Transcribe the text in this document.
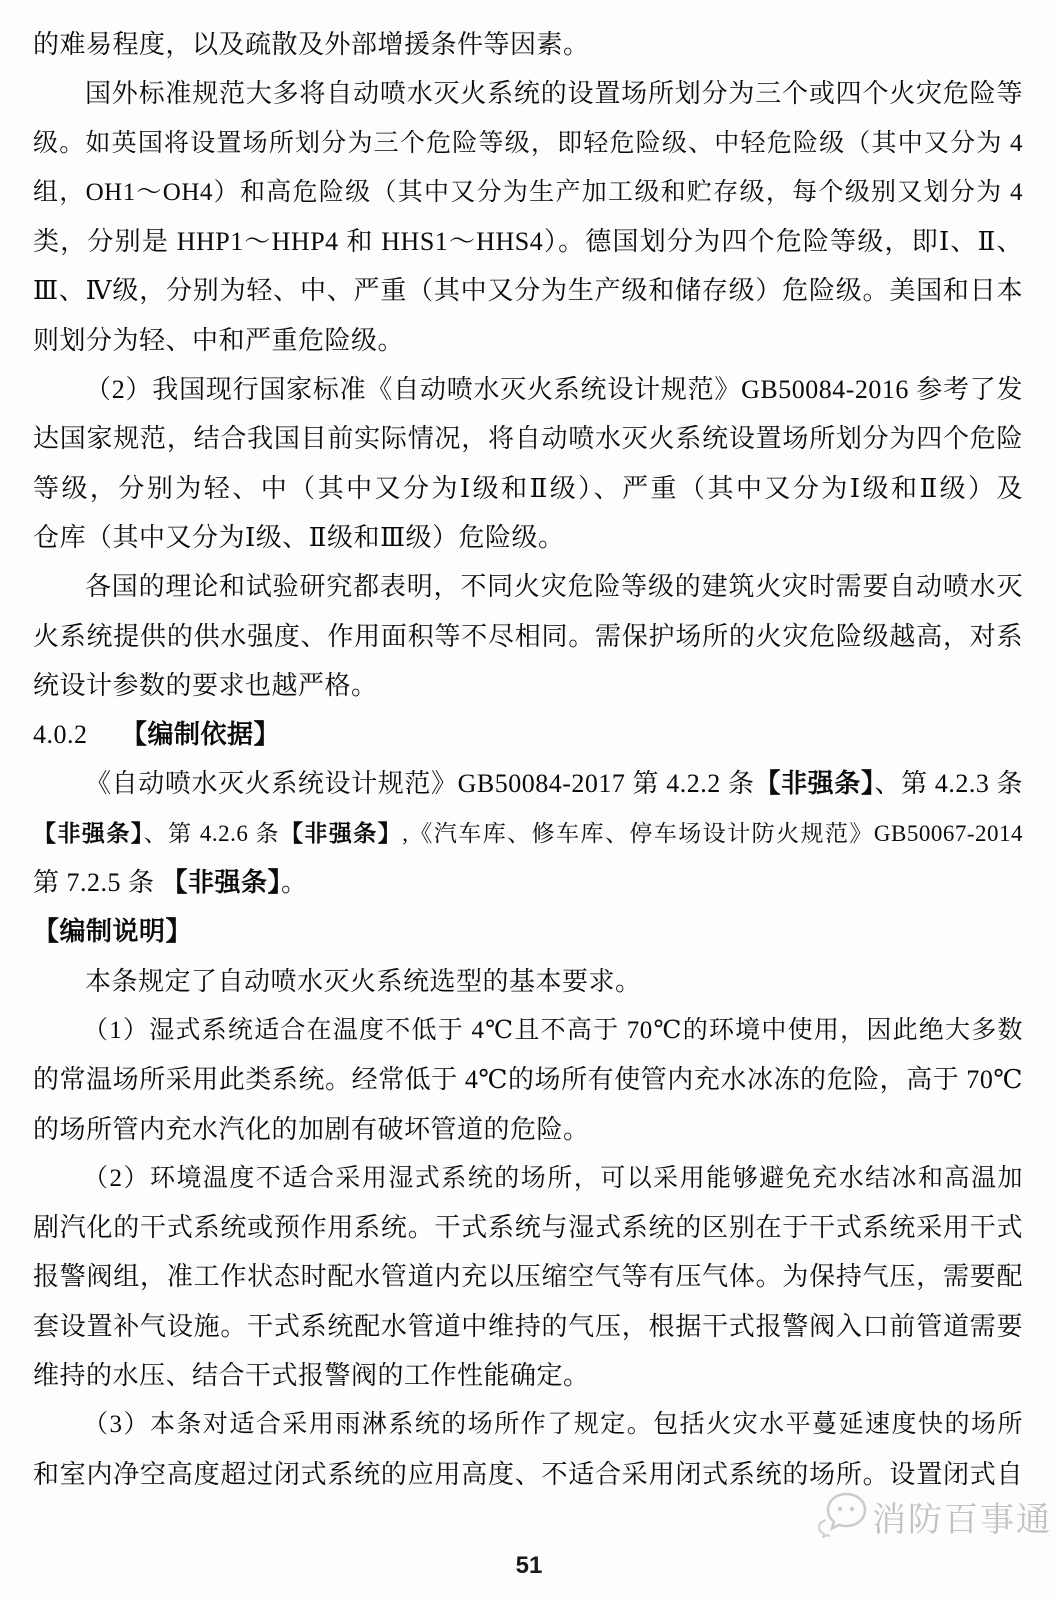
的难易程度，以及疏散及外部增援条件等因素。
国外标准规范大多将自动喷水灭火系统的设置场所划分为三个或四个火灾危险等
级。如英国将设置场所划分为三个危险等级，即轻危险级、中轻危险级（其中又分为 4
组，OH1～OH4）和高危险级（其中又分为生产加工级和贮存级，每个级别又划分为 4
类，分别是 HHP1～HHP4 和 HHS1～HHS4）。德国划分为四个危险等级，即Ⅰ、Ⅱ、
Ⅲ、Ⅳ级，分别为轻、中、严重（其中又分为生产级和储存级）危险级。美国和日本
则划分为轻、中和严重危险级。
（2）我国现行国家标准《自动喷水灭火系统设计规范》GB50084-2016 参考了发
达国家规范，结合我国目前实际情况，将自动喷水灭火系统设置场所划分为四个危险
等级，分别为轻、中（其中又分为Ⅰ级和Ⅱ级）、严重（其中又分为Ⅰ级和Ⅱ级）及
仓库（其中又分为Ⅰ级、Ⅱ级和Ⅲ级）危险级。
各国的理论和试验研究都表明，不同火灾危险等级的建筑火灾时需要自动喷水灭
火系统提供的供水强度、作用面积等不尽相同。需保护场所的火灾危险级越高，对系
统设计参数的要求也越严格。
4.0.2　 【编制依据】
《自动喷水灭火系统设计规范》GB50084-2017 第 4.2.2 条【非强条】、第 4.2.3 条
【非强条】、第 4.2.6 条【非强条】,《汽车库、修车库、停车场设计防火规范》GB50067-2014
第 7.2.5 条 【非强条】。
【编制说明】
本条规定了自动喷水灭火系统选型的基本要求。
（1）湿式系统适合在温度不低于 4℃且不高于 70℃的环境中使用，因此绝大多数
的常温场所采用此类系统。经常低于 4℃的场所有使管内充水冰冻的危险，高于 70℃
的场所管内充水汽化的加剧有破坏管道的危险。
（2）环境温度不适合采用湿式系统的场所，可以采用能够避免充水结冰和高温加
剧汽化的干式系统或预作用系统。干式系统与湿式系统的区别在于干式系统采用干式
报警阀组，准工作状态时配水管道内充以压缩空气等有压气体。为保持气压，需要配
套设置补气设施。干式系统配水管道中维持的气压，根据干式报警阀入口前管道需要
维持的水压、结合干式报警阀的工作性能确定。
（3）本条对适合采用雨淋系统的场所作了规定。包括火灾水平蔓延速度快的场所
和室内净空高度超过闭式系统的应用高度、不适合采用闭式系统的场所。设置闭式自
消防百事通
51
